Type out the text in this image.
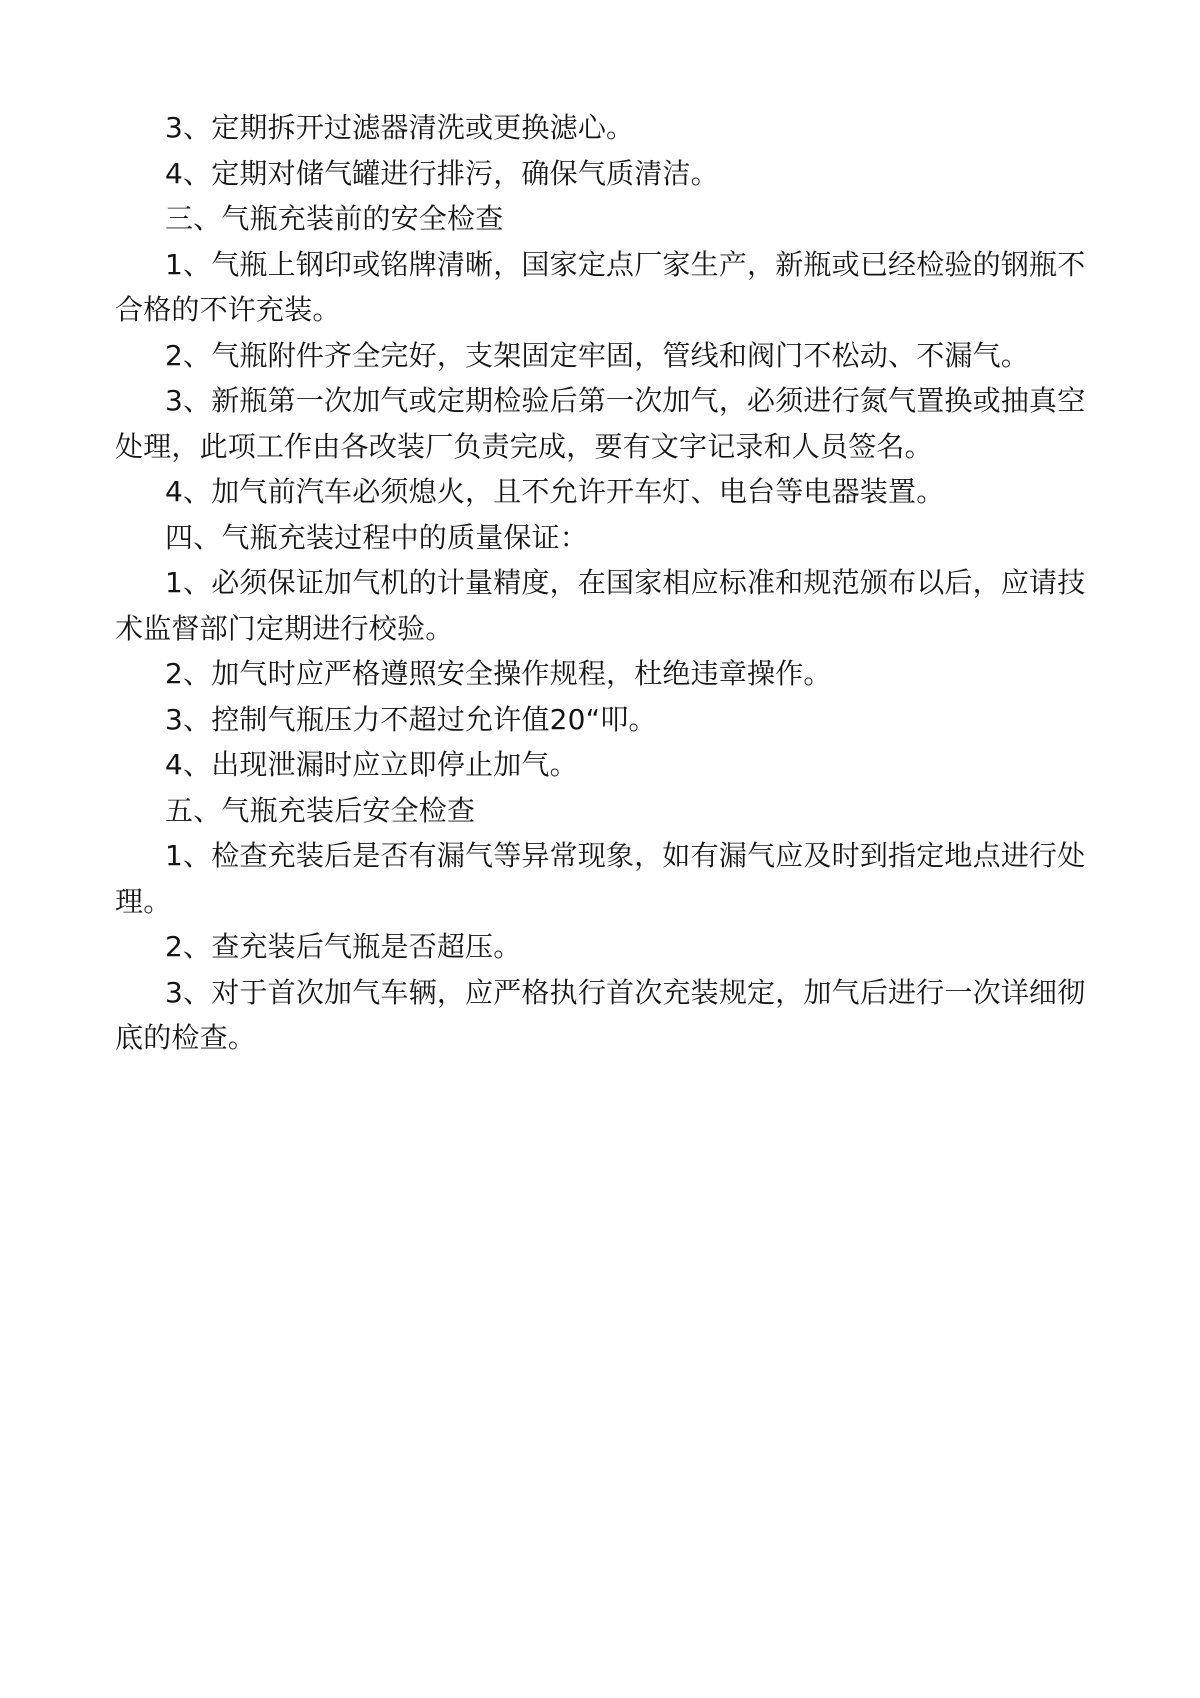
3、定期拆开过滤器清洗或更换滤心。

4、定期对储气罐进行排污，确保气质清洁。

三、气瓶充装前的安全检查

1、气瓶上钢印或铭牌清晰，国家定点厂家生产，新瓶或已经检验的钢瓶不合格的不许充装。

2、气瓶附件齐全完好，支架固定牢固，管线和阀门不松动、不漏气。

3、新瓶第一次加气或定期检验后第一次加气，必须进行氮气置换或抽真空处理，此项工作由各改装厂负责完成，要有文字记录和人员签名。

4、加气前汽车必须熄火，且不允许开车灯、电台等电器装置。

四、气瓶充装过程中的质量保证：

1、必须保证加气机的计量精度，在国家相应标准和规范颁布以后，应请技术监督部门定期进行校验。

2、加气时应严格遵照安全操作规程，杜绝违章操作。

3、控制气瓶压力不超过允许值20“叩。

4、出现泄漏时应立即停止加气。

五、气瓶充装后安全检查

1、检查充装后是否有漏气等异常现象，如有漏气应及时到指定地点进行处理。

2、查充装后气瓶是否超压。

3、对于首次加气车辆，应严格执行首次充装规定，加气后进行一次详细彻底的检查。
